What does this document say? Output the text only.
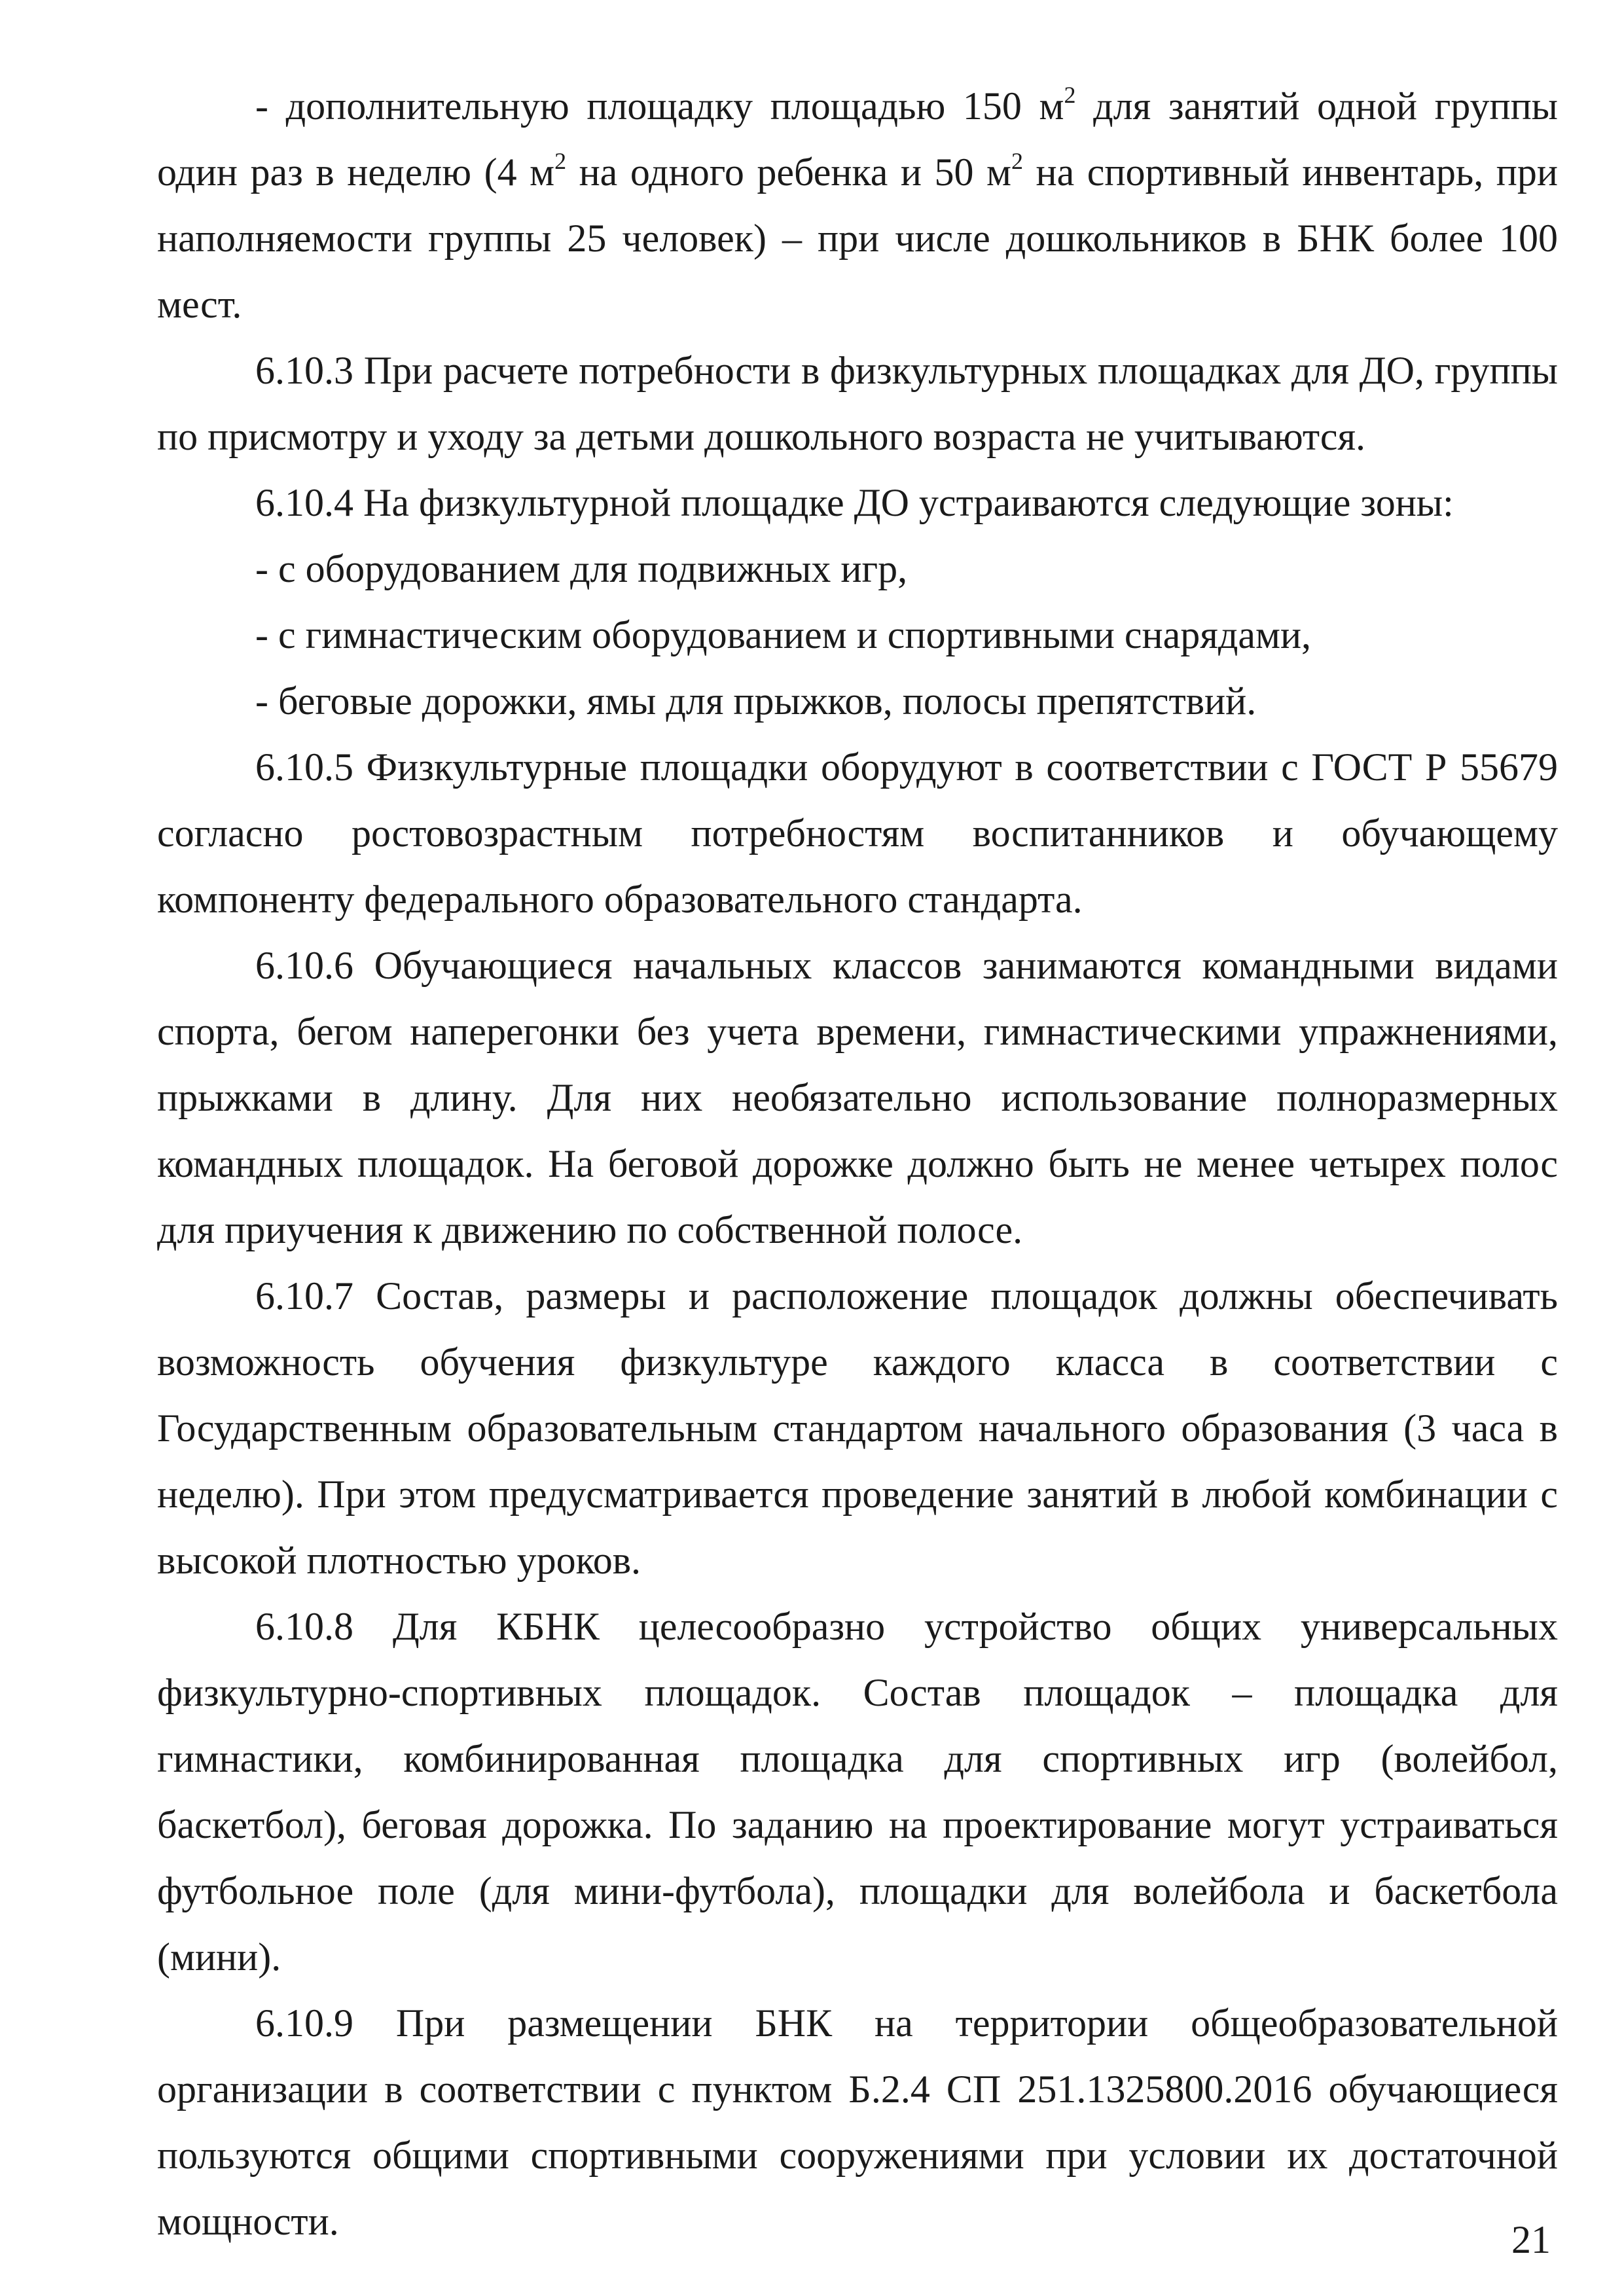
- дополнительную площадку площадью 150 $м^2$ для занятий одной группы один раз в неделю (4 $м^2$ на одного ребенка и 50 $м^2$ на спортивный инвентарь, при наполняемости группы 25 человек) – при числе дошкольников в БНК более 100 мест.

6.10.3 При расчете потребности в физкультурных площадках для ДО, группы по присмотру и уходу за детьми дошкольного возраста не учитываются.

6.10.4 На физкультурной площадке ДО устраиваются следующие зоны:

- с оборудованием для подвижных игр,

- с гимнастическим оборудованием и спортивными снарядами,

- беговые дорожки, ямы для прыжков, полосы препятствий.

6.10.5 Физкультурные площадки оборудуют в соответствии с ГОСТ Р 55679 согласно ростовозрастным потребностям воспитанников и обучающему компоненту федерального образовательного стандарта.

6.10.6 Обучающиеся начальных классов занимаются командными видами спорта, бегом наперегонки без учета времени, гимнастическими упражнениями, прыжками в длину. Для них необязательно использование полноразмерных командных площадок. На беговой дорожке должно быть не менее четырех полос для приучения к движению по собственной полосе.

6.10.7 Состав, размеры и расположение площадок должны обеспечивать возможность обучения физкультуре каждого класса в соответствии с Государственным образовательным стандартом начального образования (3 часа в неделю). При этом предусматривается проведение занятий в любой комбинации с высокой плотностью уроков.

6.10.8 Для КБНК целесообразно устройство общих универсальных физкультурно-спортивных площадок. Состав площадок – площадка для гимнастики, комбинированная площадка для спортивных игр (волейбол, баскетбол), беговая дорожка. По заданию на проектирование могут устраиваться футбольное поле (для мини-футбола), площадки для волейбола и баскетбола (мини).

6.10.9 При размещении БНК на территории общеобразовательной организации в соответствии с пунктом Б.2.4 СП 251.1325800.2016 обучающиеся пользуются общими спортивными сооружениями при условии их достаточной мощности.	21
